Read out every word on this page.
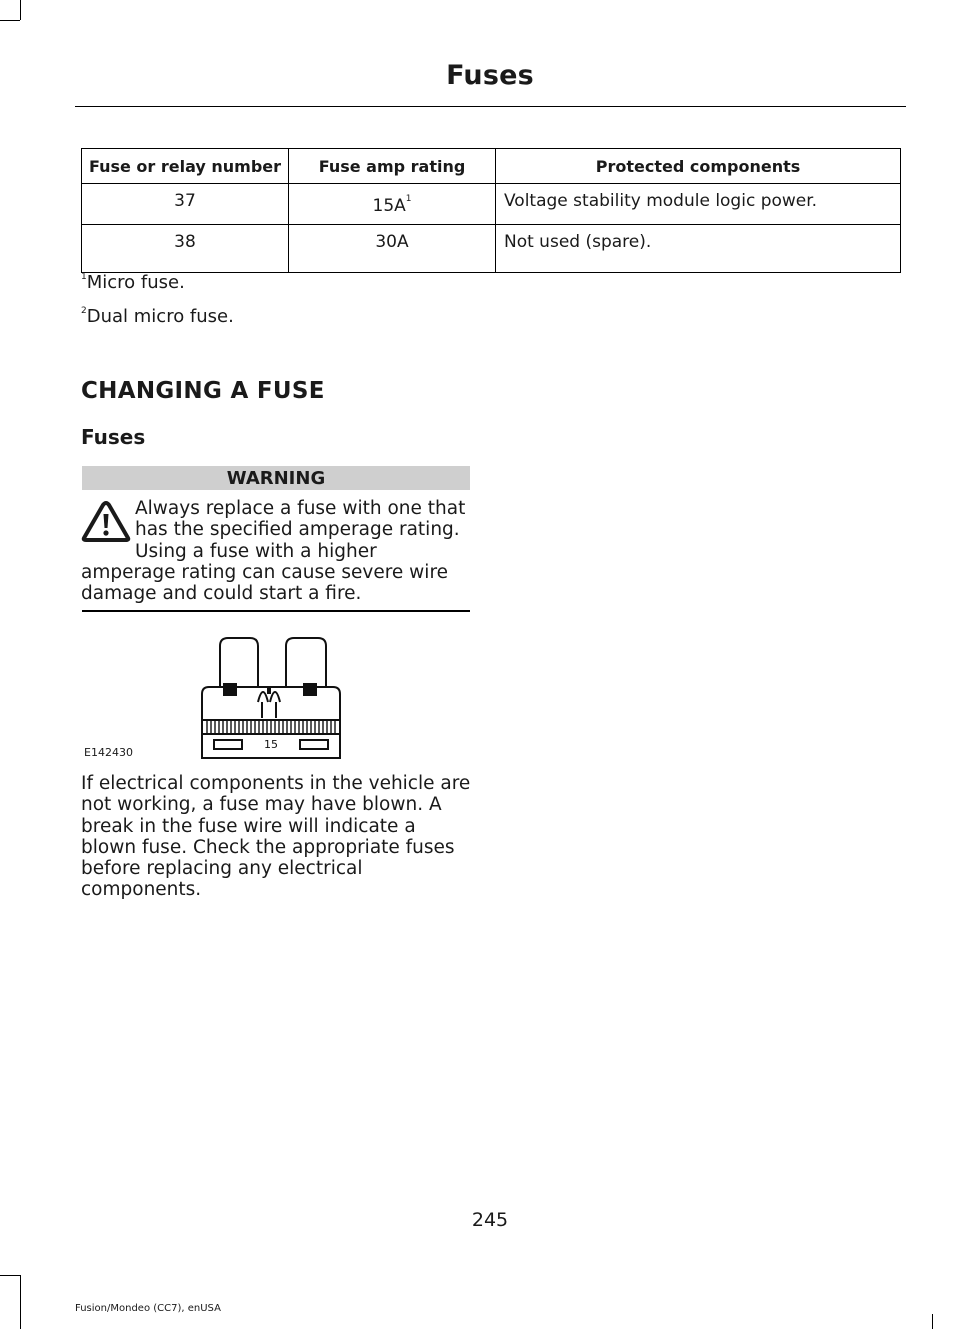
Fuses
Fuse or relay number	Fuse amp rating	Protected components
37	$15A^1$	Voltage stability module logic power.
38	30A	Not used (spare).
$^1$Micro fuse.
$^2$Dual micro fuse.
CHANGING A FUSE
Fuses
WARNING
Always replace a fuse with one that has the specified amperage rating. Using a fuse with a higher amperage rating can cause severe wire damage and could start a fire.
15
E142430
If electrical components in the vehicle are not working, a fuse may have blown. A break in the fuse wire will indicate a blown fuse. Check the appropriate fuses before replacing any electrical components.
245
Fusion/Mondeo (CC7), enUSA
